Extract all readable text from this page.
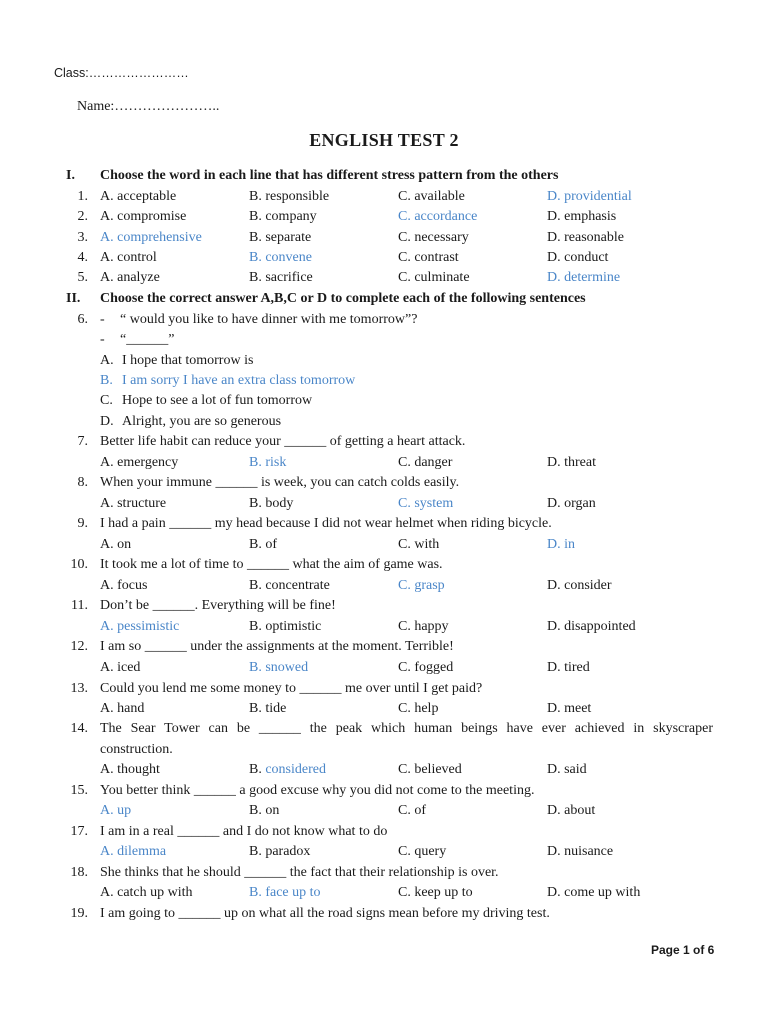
Class:……………………
Name:…………………..
ENGLISH TEST 2
I. Choose the word in each line that has different stress pattern from the others
1. A. acceptable	B. responsible	C. available	D. providential
2. A. compromise	B. company	C. accordance	D. emphasis
3. A. comprehensive	B. separate	C. necessary	D. reasonable
4. A. control	B. convene	C. contrast	D. conduct
5. A. analyze	B. sacrifice	C. culminate	D. determine
II. Choose the correct answer A,B,C or D to complete each of the following sentences
6. - “ would you like to have dinner with me tomorrow”?
- “______”
A. I hope that tomorrow is
B. I am sorry I have an extra class tomorrow
C. Hope to see a lot of fun tomorrow
D. Alright, you are so generous
7. Better life habit can reduce your ______ of getting a heart attack.
A. emergency	B. risk	C. danger	D. threat
8. When your immune ______ is week, you can catch colds easily.
A. structure	B. body	C. system	D. organ
9. I had a pain ______ my head because I did not wear helmet when riding bicycle.
A. on	B. of	C. with	D. in
10. It took me a lot of time to ______ what the aim of game was.
A. focus	B. concentrate	C. grasp	D. consider
11. Don’t be ______. Everything will be fine!
A. pessimistic	B. optimistic	C. happy	D. disappointed
12. I am so ______ under the assignments at the moment. Terrible!
A. iced	B. snowed	C. fogged	D. tired
13. Could you lend me some money to ______ me over until I get paid?
A. hand	B. tide	C. help	D. meet
14. The Sear Tower can be ______ the peak which human beings have ever achieved in skyscraper
construction.
A. thought	B. considered	C. believed	D. said
15. You better think ______ a good excuse why you did not come to the meeting.
A. up	B. on	C. of	D. about
17. I am in a real ______ and I do not know what to do
A. dilemma	B. paradox	C. query	D. nuisance
18. She thinks that he should ______ the fact that their relationship is over.
A. catch up with	B. face up to	C. keep up to	D. come up with
19. I am going to ______ up on what all the road signs mean before my driving test.
Page 1 of 6
